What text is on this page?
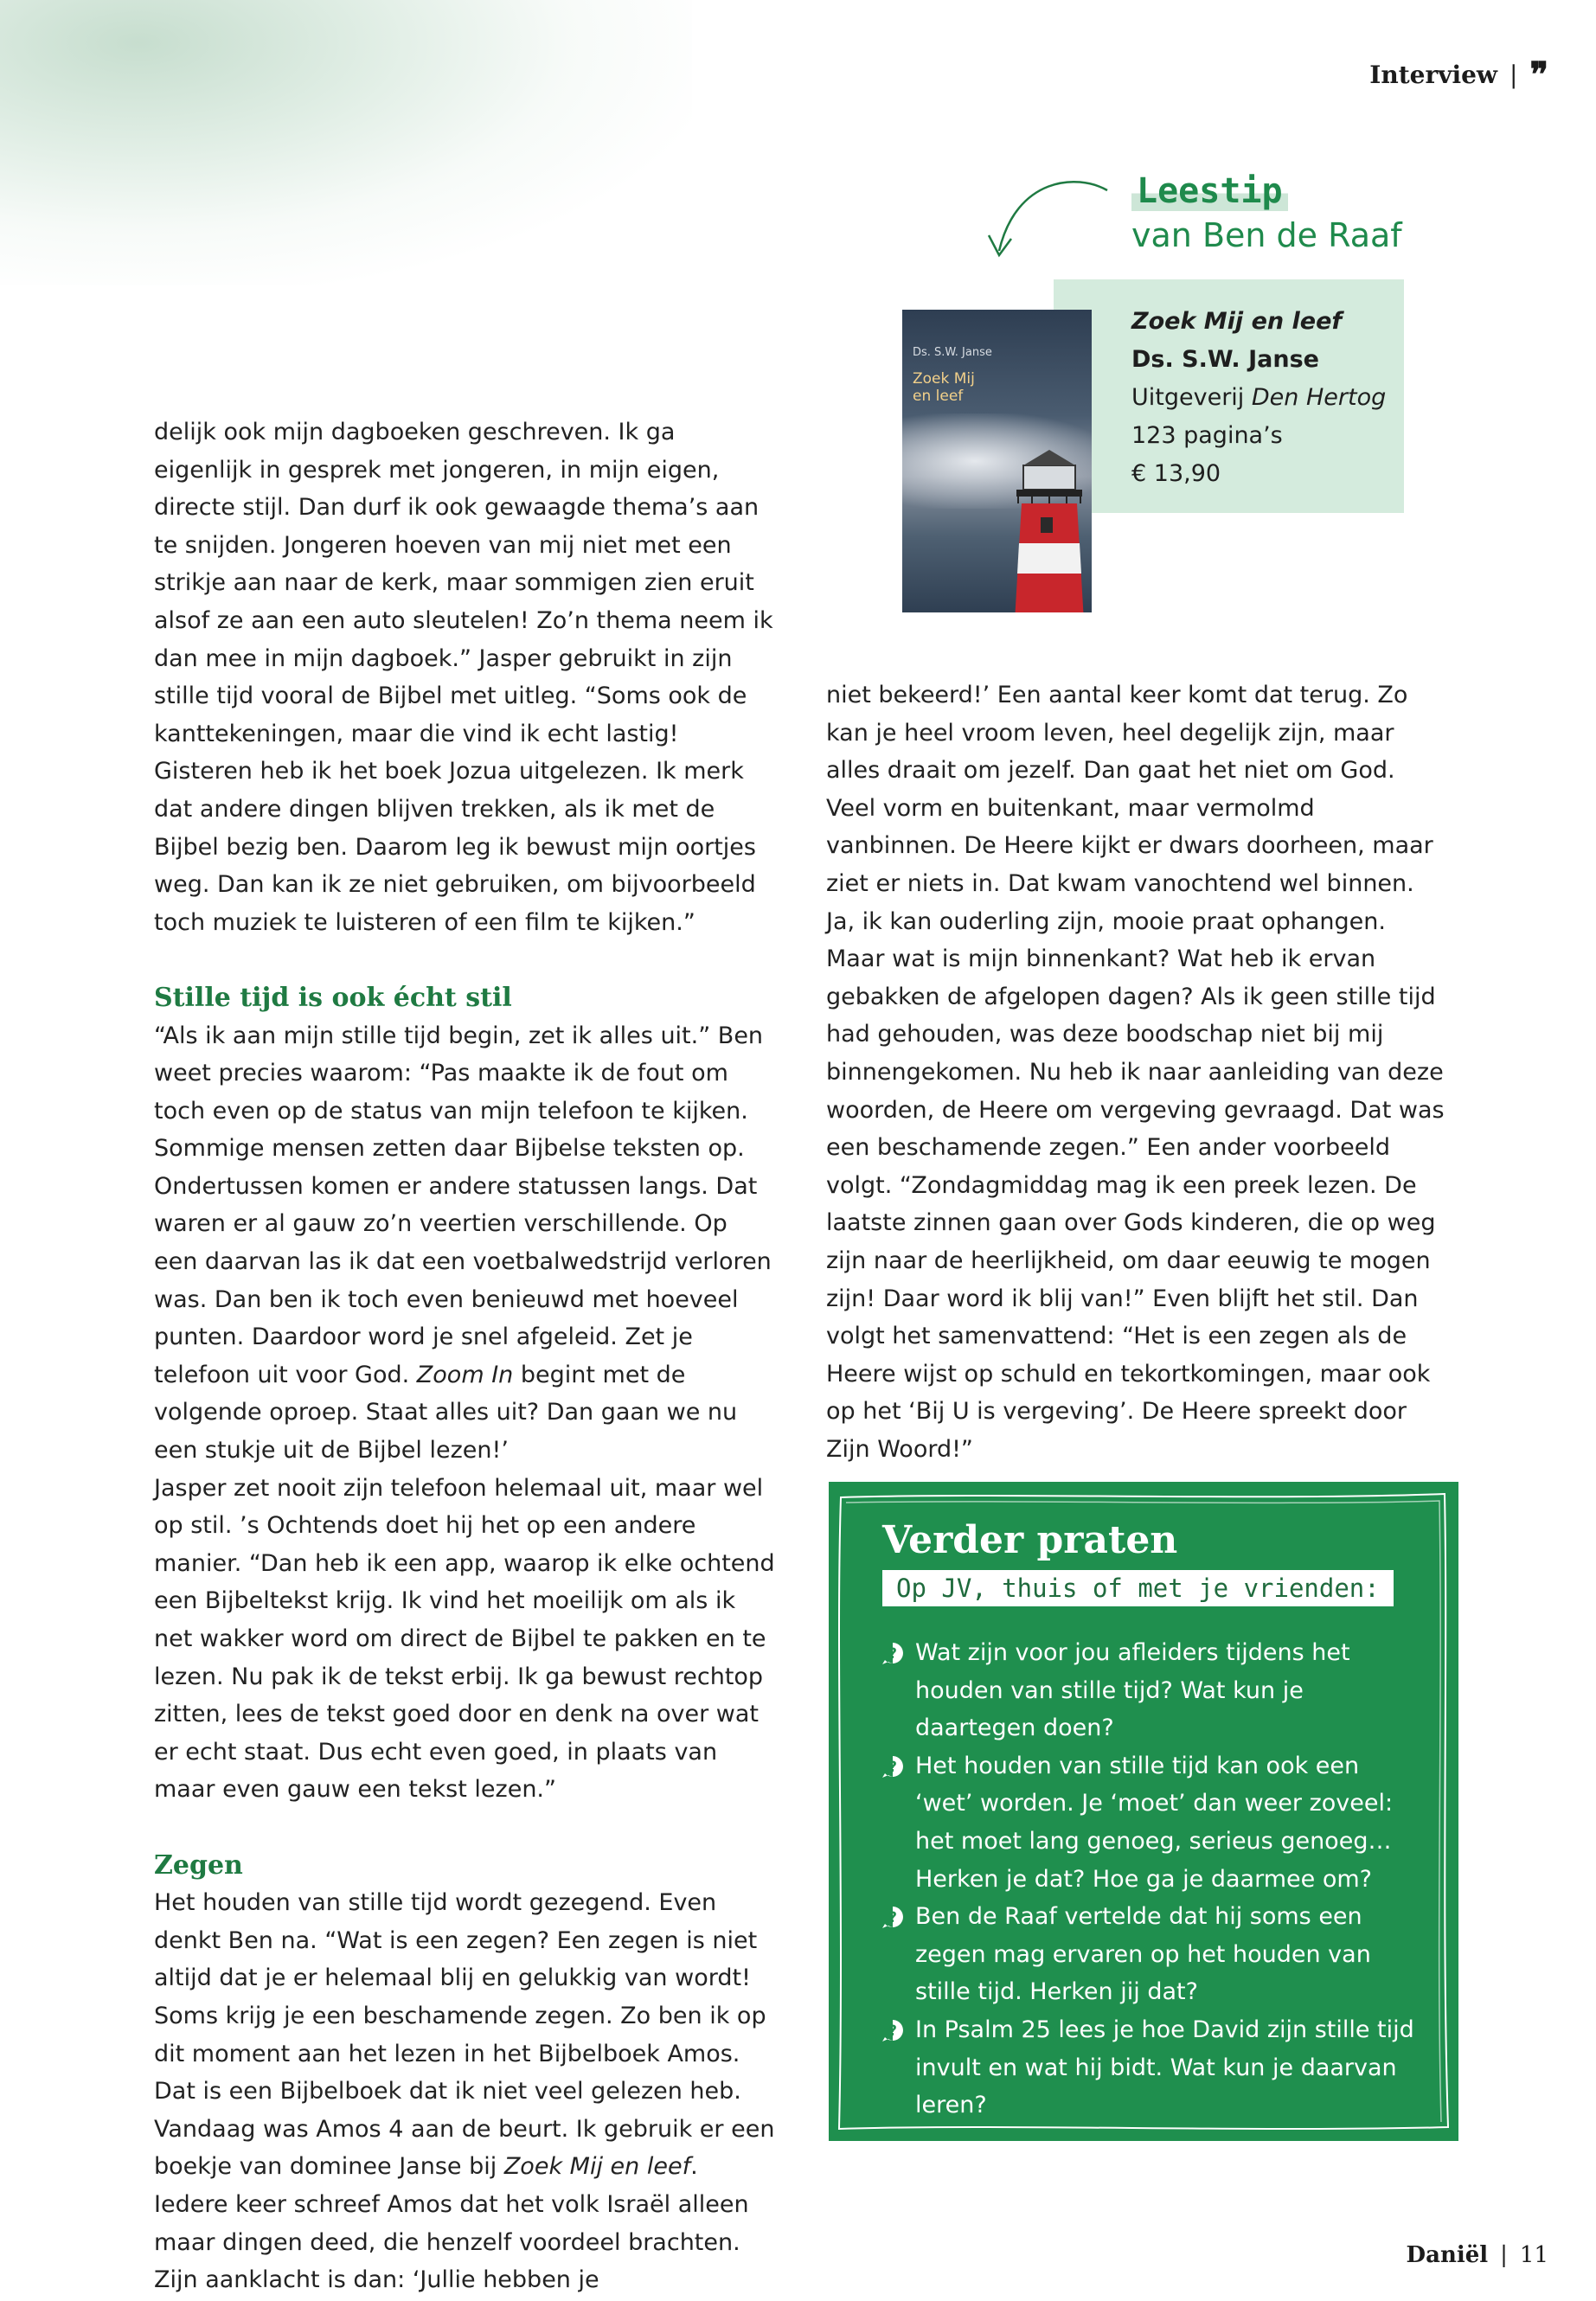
Interview | ❞
Leestip
van Ben de Raaf
Zoek Mij en leef
Ds. S.W. Janse
Uitgeverij Den Hertog
123 pagina’s
€ 13,90
Ds. S.W. Janse
Zoek Mij
en leef

delijk ook mijn dagboeken geschreven. Ik ga eigenlijk in gesprek met jongeren, in mijn eigen, directe stijl. Dan durf ik ook gewaagde thema’s aan te snijden. Jongeren hoeven van mij niet met een strikje aan naar de kerk, maar sommigen zien eruit alsof ze aan een auto sleutelen! Zo’n thema neem ik dan mee in mijn dagboek.” Jasper gebruikt in zijn stille tijd vooral de Bijbel met uitleg. “Soms ook de kanttekeningen, maar die vind ik echt lastig! Gisteren heb ik het boek Jozua uitgelezen. Ik merk dat andere dingen blijven trekken, als ik met de Bijbel bezig ben. Daarom leg ik bewust mijn oortjes weg. Dan kan ik ze niet gebruiken, om bijvoorbeeld toch muziek te luisteren of een film te kijken.”

Stille tijd is ook écht stil

“Als ik aan mijn stille tijd begin, zet ik alles uit.” Ben weet precies waarom: “Pas maakte ik de fout om toch even op de status van mijn telefoon te kijken. Sommige mensen zetten daar Bijbelse teksten op. Ondertussen komen er andere statussen langs. Dat waren er al gauw zo’n veertien verschillende. Op een daarvan las ik dat een voetbalwedstrijd verloren was. Dan ben ik toch even benieuwd met hoeveel punten. Daardoor word je snel afgeleid. Zet je telefoon uit voor God. Zoom In begint met de volgende oproep. Staat alles uit? Dan gaan we nu een stukje uit de Bijbel lezen!’

Jasper zet nooit zijn telefoon helemaal uit, maar wel op stil. ’s Ochtends doet hij het op een andere manier. “Dan heb ik een app, waarop ik elke ochtend een Bijbeltekst krijg. Ik vind het moeilijk om als ik net wakker word om direct de Bijbel te pakken en te lezen. Nu pak ik de tekst erbij. Ik ga bewust rechtop zitten, lees de tekst goed door en denk na over wat er echt staat. Dus echt even goed, in plaats van maar even gauw een tekst lezen.”

Zegen

Het houden van stille tijd wordt gezegend. Even denkt Ben na. “Wat is een zegen? Een zegen is niet altijd dat je er helemaal blij en gelukkig van wordt! Soms krijg je een beschamende zegen. Zo ben ik op dit moment aan het lezen in het Bijbelboek Amos. Dat is een Bijbelboek dat ik niet veel gelezen heb. Vandaag was Amos 4 aan de beurt. Ik gebruik er een boekje van dominee Janse bij Zoek Mij en leef. Iedere keer schreef Amos dat het volk Israël alleen maar dingen deed, die henzelf voordeel brachten. Zijn aanklacht is dan: ‘Jullie hebben je

niet bekeerd!’ Een aantal keer komt dat terug. Zo kan je heel vroom leven, heel degelijk zijn, maar alles draait om jezelf. Dan gaat het niet om God. Veel vorm en buitenkant, maar vermolmd vanbinnen. De Heere kijkt er dwars doorheen, maar ziet er niets in. Dat kwam vanochtend wel binnen. Ja, ik kan ouderling zijn, mooie praat ophangen. Maar wat is mijn binnenkant? Wat heb ik ervan gebakken de afgelopen dagen? Als ik geen stille tijd had gehouden, was deze boodschap niet bij mij binnengekomen. Nu heb ik naar aanleiding van deze woorden, de Heere om vergeving gevraagd. Dat was een beschamende zegen.” Een ander voorbeeld volgt. “Zondagmiddag mag ik een preek lezen. De laatste zinnen gaan over Gods kinderen, die op weg zijn naar de heerlijkheid, om daar eeuwig te mogen zijn! Daar word ik blij van!” Even blijft het stil. Dan volgt het samenvattend: “Het is een zegen als de Heere wijst op schuld en tekortkomingen, maar ook op het ‘Bij U is vergeving’. De Heere spreekt door Zijn Woord!”

Verder praten
Op JV, thuis of met je vrienden:
? Wat zijn voor jou afleiders tijdens het houden van stille tijd? Wat kun je daartegen doen?
? Het houden van stille tijd kan ook een ‘wet’ worden. Je ‘moet’ dan weer zoveel: het moet lang genoeg, serieus genoeg… Herken je dat? Hoe ga je daarmee om?
? Ben de Raaf vertelde dat hij soms een zegen mag ervaren op het houden van stille tijd. Herken jij dat?
? In Psalm 25 lees je hoe David zijn stille tijd invult en wat hij bidt. Wat kun je daarvan leren?
Daniël | 11
